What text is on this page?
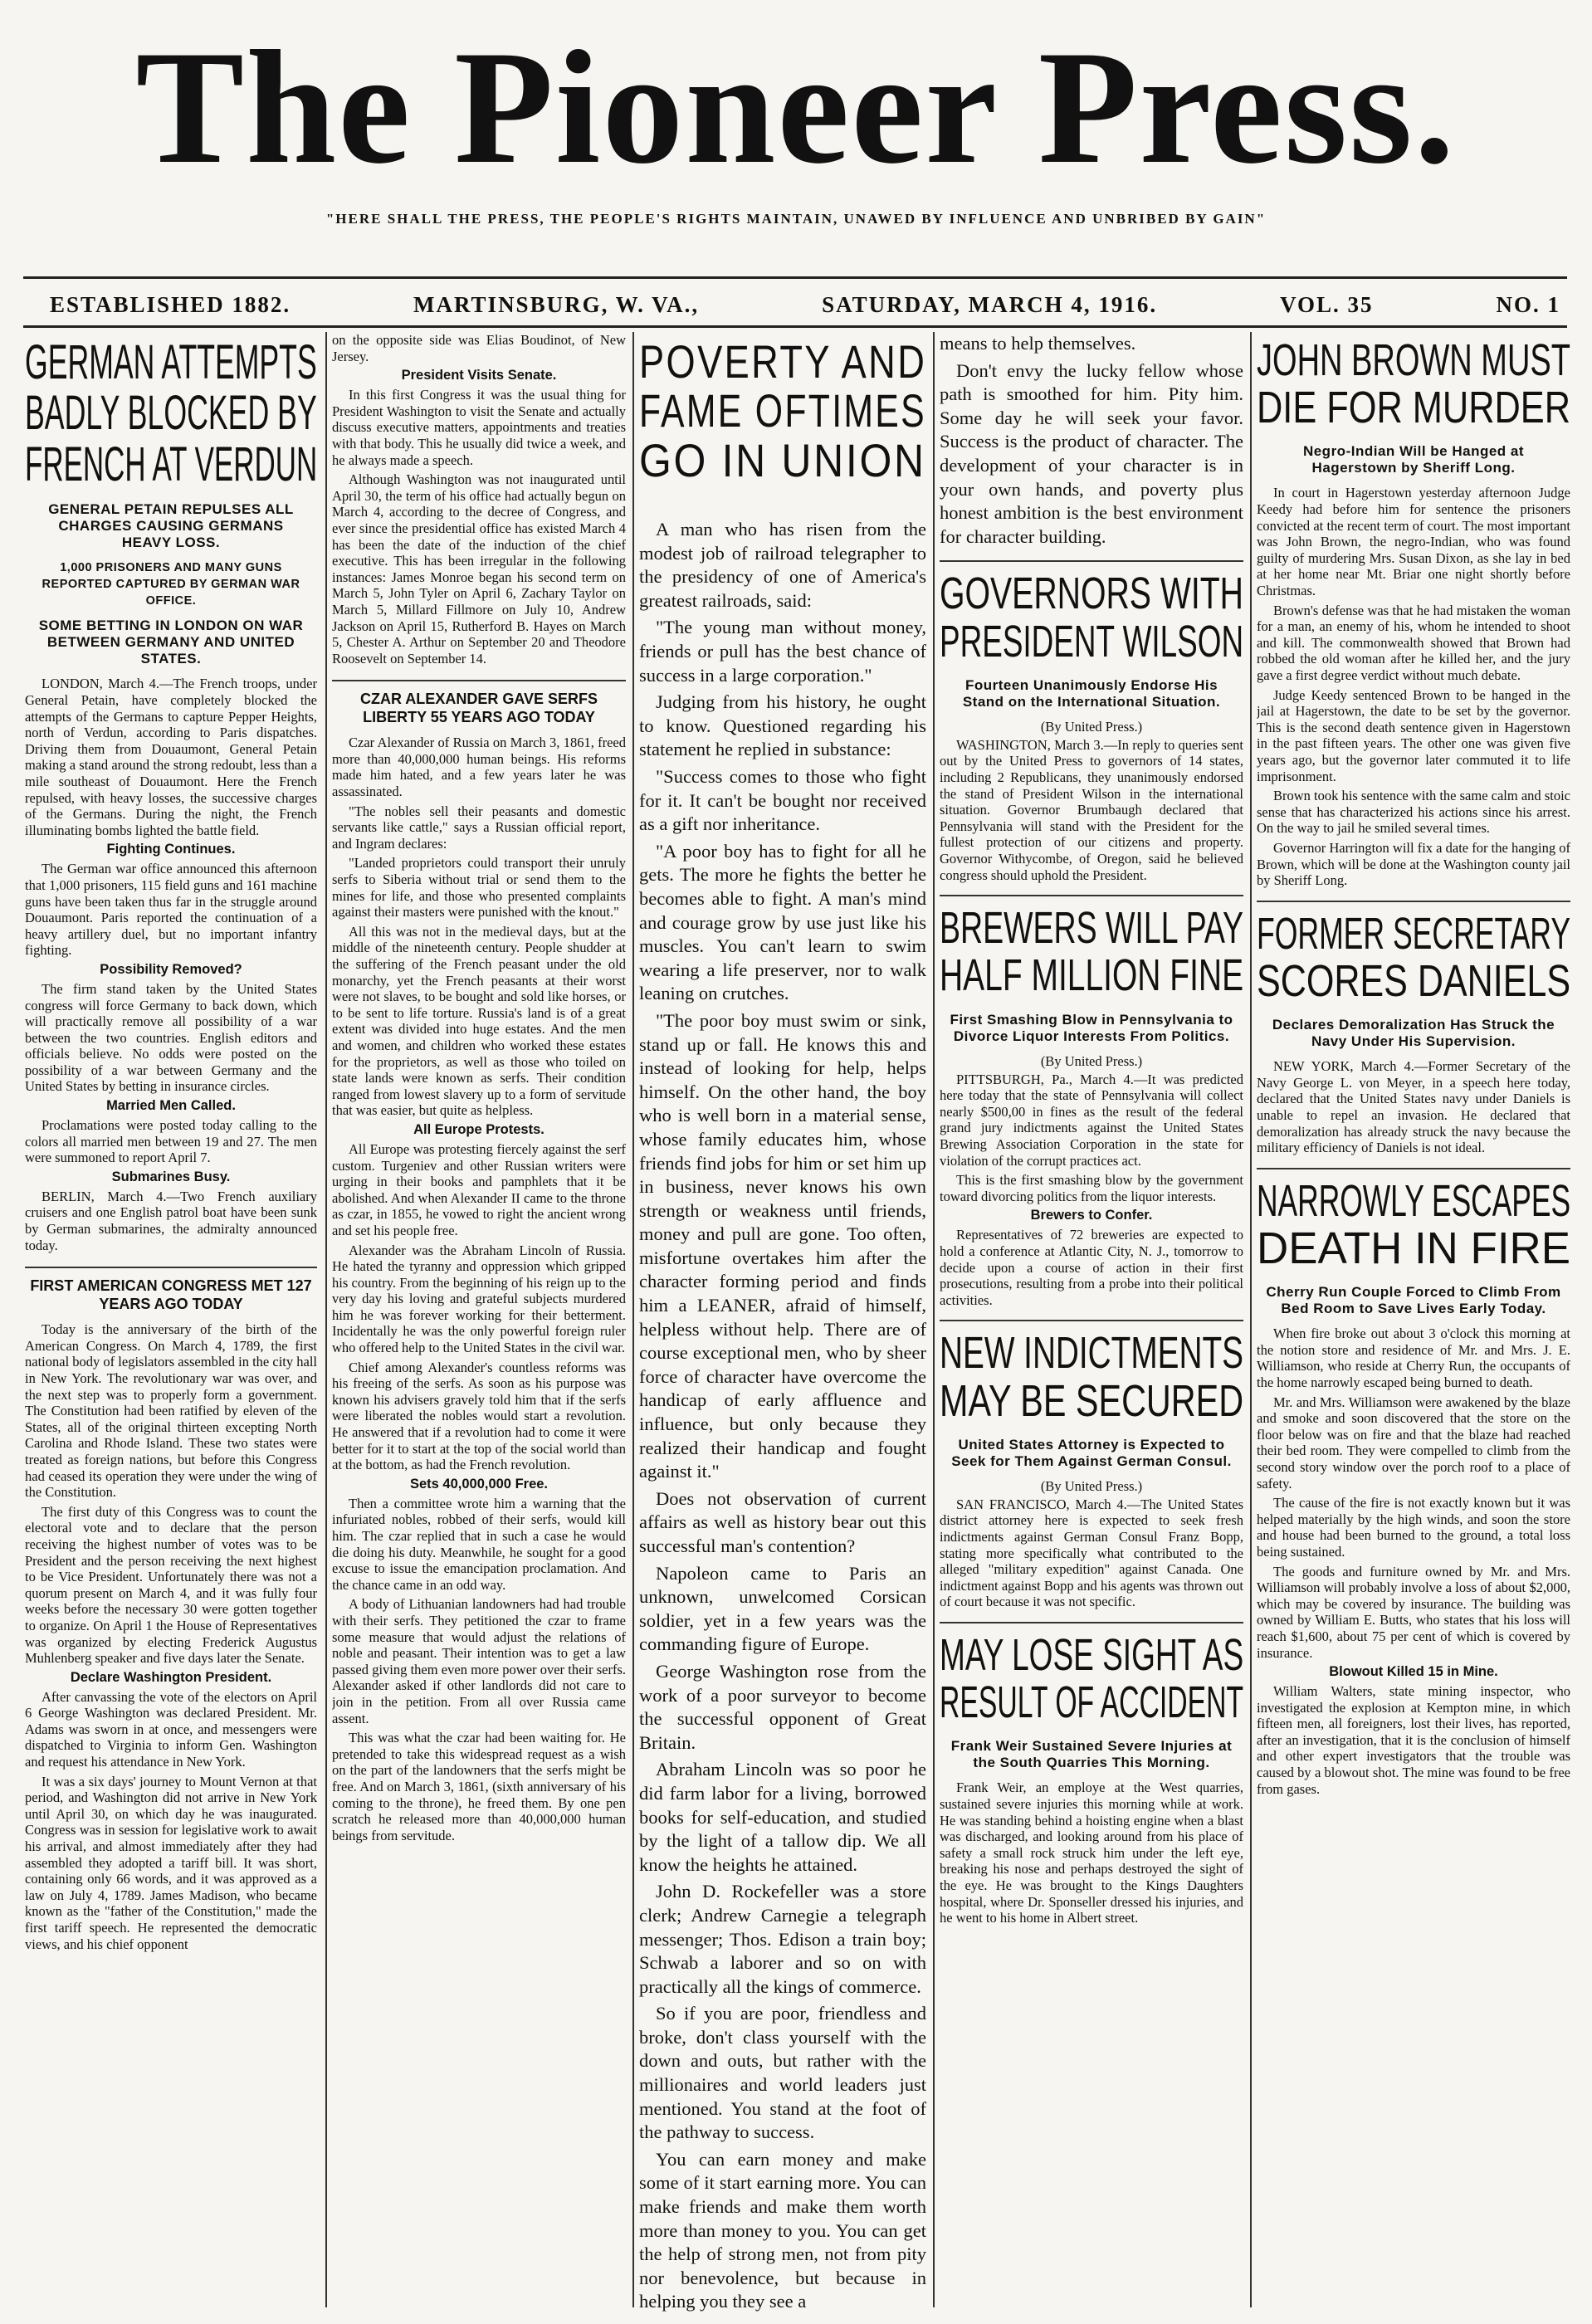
The Pioneer Press.
"HERE SHALL THE PRESS, THE PEOPLE'S RIGHTS MAINTAIN, UNAWED BY INFLUENCE AND UNBRIBED BY GAIN"
ESTABLISHED 1882.	MARTINSBURG, W. VA.,	SATURDAY, MARCH 4, 1916.	VOL. 35	NO. 1
GERMAN ATTEMPTS
BADLY BLOCKED BY
FRENCH AT VERDUN
GENERAL PETAIN REPULSES ALL CHARGES CAUSING GERMANS HEAVY LOSS.
1,000 PRISONERS AND MANY GUNS REPORTED CAPTURED BY GERMAN WAR OFFICE.
SOME BETTING IN LONDON ON WAR BETWEEN GERMANY AND UNITED STATES.

LONDON, March 4.—The French troops, under General Petain, have completely blocked the attempts of the Germans to capture Pepper Heights, north of Verdun, according to Paris dispatches. Driving them from Douaumont, General Petain making a stand around the strong redoubt, less than a mile southeast of Douaumont. Here the French repulsed, with heavy losses, the successive charges of the Germans. During the night, the French illuminating bombs lighted the battle field.

Fighting Continues.

The German war office announced this afternoon that 1,000 prisoners, 115 field guns and 161 machine guns have been taken thus far in the struggle around Douaumont. Paris reported the continuation of a heavy artillery duel, but no important infantry fighting.

Possibility Removed?

The firm stand taken by the United States congress will force Germany to back down, which will practically remove all possibility of a war between the two countries. English editors and officials believe. No odds were posted on the possibility of a war between Germany and the United States by betting in insurance circles.

Married Men Called.

Proclamations were posted today calling to the colors all married men between 19 and 27. The men were summoned to report April 7.

Submarines Busy.

BERLIN, March 4.—Two French auxiliary cruisers and one English patrol boat have been sunk by German submarines, the admiralty announced today.

FIRST AMERICAN CONGRESS MET 127 YEARS AGO TODAY

Today is the anniversary of the birth of the American Congress. On March 4, 1789, the first national body of legislators assembled in the city hall in New York. The revolutionary war was over, and the next step was to properly form a government. The Constitution had been ratified by eleven of the States, all of the original thirteen excepting North Carolina and Rhode Island. These two states were treated as foreign nations, but before this Congress had ceased its operation they were under the wing of the Constitution.

The first duty of this Congress was to count the electoral vote and to declare that the person receiving the highest number of votes was to be President and the person receiving the next highest to be Vice President. Unfortunately there was not a quorum present on March 4, and it was fully four weeks before the necessary 30 were gotten together to organize. On April 1 the House of Representatives was organized by electing Frederick Augustus Muhlenberg speaker and five days later the Senate.

Declare Washington President.

After canvassing the vote of the electors on April 6 George Washington was declared President. Mr. Adams was sworn in at once, and messengers were dispatched to Virginia to inform Gen. Washington and request his attendance in New York.

It was a six days' journey to Mount Vernon at that period, and Washington did not arrive in New York until April 30, on which day he was inaugurated. Congress was in session for legislative work to await his arrival, and almost immediately after they had assembled they adopted a tariff bill. It was short, containing only 66 words, and it was approved as a law on July 4, 1789. James Madison, who became known as the "father of the Constitution," made the first tariff speech. He represented the democratic views, and his chief opponent

on the opposite side was Elias Boudinot, of New Jersey.

President Visits Senate.

In this first Congress it was the usual thing for President Washington to visit the Senate and actually discuss executive matters, appointments and treaties with that body. This he usually did twice a week, and he always made a speech.

Although Washington was not inaugurated until April 30, the term of his office had actually begun on March 4, according to the decree of Congress, and ever since the presidential office has existed March 4 has been the date of the induction of the chief executive. This has been irregular in the following instances: James Monroe began his second term on March 5, John Tyler on April 6, Zachary Taylor on March 5, Millard Fillmore on July 10, Andrew Jackson on April 15, Rutherford B. Hayes on March 5, Chester A. Arthur on September 20 and Theodore Roosevelt on September 14.

CZAR ALEXANDER GAVE SERFS LIBERTY 55 YEARS AGO TODAY

Czar Alexander of Russia on March 3, 1861, freed more than 40,000,000 human beings. His reforms made him hated, and a few years later he was assassinated.

"The nobles sell their peasants and domestic servants like cattle," says a Russian official report, and Ingram declares:

"Landed proprietors could transport their unruly serfs to Siberia without trial or send them to the mines for life, and those who presented complaints against their masters were punished with the knout."

All this was not in the medieval days, but at the middle of the nineteenth century. People shudder at the suffering of the French peasant under the old monarchy, yet the French peasants at their worst were not slaves, to be bought and sold like horses, or to be sent to life torture. Russia's land is of a great extent was divided into huge estates. And the men and women, and children who worked these estates for the proprietors, as well as those who toiled on state lands were known as serfs. Their condition ranged from lowest slavery up to a form of servitude that was easier, but quite as helpless.

All Europe Protests.

All Europe was protesting fiercely against the serf custom. Turgeniev and other Russian writers were urging in their books and pamphlets that it be abolished. And when Alexander II came to the throne as czar, in 1855, he vowed to right the ancient wrong and set his people free.

Alexander was the Abraham Lincoln of Russia. He hated the tyranny and oppression which gripped his country. From the beginning of his reign up to the very day his loving and grateful subjects murdered him he was forever working for their betterment. Incidentally he was the only powerful foreign ruler who offered help to the United States in the civil war.

Chief among Alexander's countless reforms was his freeing of the serfs. As soon as his purpose was known his advisers gravely told him that if the serfs were liberated the nobles would start a revolution. He answered that if a revolution had to come it were better for it to start at the top of the social world than at the bottom, as had the French revolution.

Sets 40,000,000 Free.

Then a committee wrote him a warning that the infuriated nobles, robbed of their serfs, would kill him. The czar replied that in such a case he would die doing his duty. Meanwhile, he sought for a good excuse to issue the emancipation proclamation. And the chance came in an odd way.

A body of Lithuanian landowners had had trouble with their serfs. They petitioned the czar to frame some measure that would adjust the relations of noble and peasant. Their intention was to get a law passed giving them even more power over their serfs. Alexander asked if other landlords did not care to join in the petition. From all over Russia came assent.

This was what the czar had been waiting for. He pretended to take this widespread request as a wish on the part of the landowners that the serfs might be free. And on March 3, 1861, (sixth anniversary of his coming to the throne), he freed them. By one pen scratch he released more than 40,000,000 human beings from servitude.

POVERTY AND
FAME OFTIMES
GO IN UNION

A man who has risen from the modest job of railroad telegrapher to the presidency of one of America's greatest railroads, said:

"The young man without money, friends or pull has the best chance of success in a large corporation."

Judging from his history, he ought to know. Questioned regarding his statement he replied in substance:

"Success comes to those who fight for it. It can't be bought nor received as a gift nor inheritance.

"A poor boy has to fight for all he gets. The more he fights the better he becomes able to fight. A man's mind and courage grow by use just like his muscles. You can't learn to swim wearing a life preserver, nor to walk leaning on crutches.

"The poor boy must swim or sink, stand up or fall. He knows this and instead of looking for help, helps himself. On the other hand, the boy who is well born in a material sense, whose family educates him, whose friends find jobs for him or set him up in business, never knows his own strength or weakness until friends, money and pull are gone. Too often, misfortune overtakes him after the character forming period and finds him a LEANER, afraid of himself, helpless without help. There are of course exceptional men, who by sheer force of character have overcome the handicap of early affluence and influence, but only because they realized their handicap and fought against it."

Does not observation of current affairs as well as history bear out this successful man's contention?

Napoleon came to Paris an unknown, unwelcomed Corsican soldier, yet in a few years was the commanding figure of Europe.

George Washington rose from the work of a poor surveyor to become the successful opponent of Great Britain.

Abraham Lincoln was so poor he did farm labor for a living, borrowed books for self-education, and studied by the light of a tallow dip. We all know the heights he attained.

John D. Rockefeller was a store clerk; Andrew Carnegie a telegraph messenger; Thos. Edison a train boy; Schwab a laborer and so on with practically all the kings of commerce.

So if you are poor, friendless and broke, don't class yourself with the down and outs, but rather with the millionaires and world leaders just mentioned. You stand at the foot of the pathway to success.

You can earn money and make some of it start earning more. You can make friends and make them worth more than money to you. You can get the help of strong men, not from pity nor benevolence, but because in helping you they see a

means to help themselves.

Don't envy the lucky fellow whose path is smoothed for him. Pity him. Some day he will seek your favor. Success is the product of character. The development of your character is in your own hands, and poverty plus honest ambition is the best environment for character building.

GOVERNORS WITH
PRESIDENT WILSON
Fourteen Unanimously Endorse His Stand on the International Situation.
(By United Press.)

WASHINGTON, March 3.—In reply to queries sent out by the United Press to governors of 14 states, including 2 Republicans, they unanimously endorsed the stand of President Wilson in the international situation. Governor Brumbaugh declared that Pennsylvania will stand with the President for the fullest protection of our citizens and property. Governor Withycombe, of Oregon, said he believed congress should uphold the President.

BREWERS WILL PAY
HALF MILLION FINE
First Smashing Blow in Pennsylvania to Divorce Liquor Interests From Politics.
(By United Press.)

PITTSBURGH, Pa., March 4.—It was predicted here today that the state of Pennsylvania will collect nearly $500,00 in fines as the result of the federal grand jury indictments against the United States Brewing Association Corporation in the state for violation of the corrupt practices act.

This is the first smashing blow by the government toward divorcing politics from the liquor interests.

Brewers to Confer.

Representatives of 72 breweries are expected to hold a conference at Atlantic City, N. J., tomorrow to decide upon a course of action in their first prosecutions, resulting from a probe into their political activities.

NEW INDICTMENTS
MAY BE SECURED
United States Attorney is Expected to Seek for Them Against German Consul.
(By United Press.)

SAN FRANCISCO, March 4.—The United States district attorney here is expected to seek fresh indictments against German Consul Franz Bopp, stating more specifically what contributed to the alleged "military expedition" against Canada. One indictment against Bopp and his agents was thrown out of court because it was not specific.

MAY LOSE SIGHT AS
RESULT OF ACCIDENT
Frank Weir Sustained Severe Injuries at the South Quarries This Morning.

Frank Weir, an employe at the West quarries, sustained severe injuries this morning while at work. He was standing behind a hoisting engine when a blast was discharged, and looking around from his place of safety a small rock struck him under the left eye, breaking his nose and perhaps destroyed the sight of the eye. He was brought to the Kings Daughters hospital, where Dr. Sponseller dressed his injuries, and he went to his home in Albert street.

JOHN BROWN MUST
DIE FOR MURDER
Negro-Indian Will be Hanged at Hagerstown by Sheriff Long.

In court in Hagerstown yesterday afternoon Judge Keedy had before him for sentence the prisoners convicted at the recent term of court. The most important was John Brown, the negro-Indian, who was found guilty of murdering Mrs. Susan Dixon, as she lay in bed at her home near Mt. Briar one night shortly before Christmas.

Brown's defense was that he had mistaken the woman for a man, an enemy of his, whom he intended to shoot and kill. The commonwealth showed that Brown had robbed the old woman after he killed her, and the jury gave a first degree verdict without much debate.

Judge Keedy sentenced Brown to be hanged in the jail at Hagerstown, the date to be set by the governor. This is the second death sentence given in Hagerstown in the past fifteen years. The other one was given five years ago, but the governor later commuted it to life imprisonment.

Brown took his sentence with the same calm and stoic sense that has characterized his actions since his arrest. On the way to jail he smiled several times.

Governor Harrington will fix a date for the hanging of Brown, which will be done at the Washington county jail by Sheriff Long.

FORMER SECRETARY
SCORES DANIELS
Declares Demoralization Has Struck the Navy Under His Supervision.

NEW YORK, March 4.—Former Secretary of the Navy George L. von Meyer, in a speech here today, declared that the United States navy under Daniels is unable to repel an invasion. He declared that demoralization has already struck the navy because the military efficiency of Daniels is not ideal.

NARROWLY ESCAPES
DEATH IN FIRE
Cherry Run Couple Forced to Climb From Bed Room to Save Lives Early Today.

When fire broke out about 3 o'clock this morning at the notion store and residence of Mr. and Mrs. J. E. Williamson, who reside at Cherry Run, the occupants of the home narrowly escaped being burned to death.

Mr. and Mrs. Williamson were awakened by the blaze and smoke and soon discovered that the store on the floor below was on fire and that the blaze had reached their bed room. They were compelled to climb from the second story window over the porch roof to a place of safety.

The cause of the fire is not exactly known but it was helped materially by the high winds, and soon the store and house had been burned to the ground, a total loss being sustained.

The goods and furniture owned by Mr. and Mrs. Williamson will probably involve a loss of about $2,000, which may be covered by insurance. The building was owned by William E. Butts, who states that his loss will reach $1,600, about 75 per cent of which is covered by insurance.

Blowout Killed 15 in Mine.

William Walters, state mining inspector, who investigated the explosion at Kempton mine, in which fifteen men, all foreigners, lost their lives, has reported, after an investigation, that it is the conclusion of himself and other expert investigators that the trouble was caused by a blowout shot. The mine was found to be free from gases.
